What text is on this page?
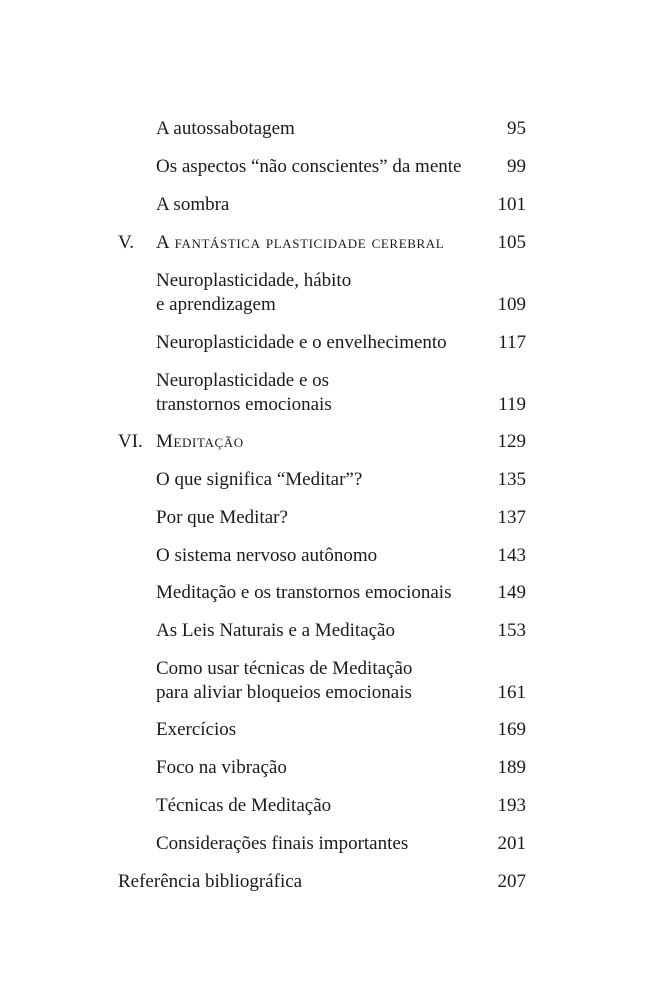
A autossabotagem	95
Os aspectos “não conscientes” da mente	99
A sombra	101
V. A fantástica plasticidade cerebral	105
Neuroplasticidade, hábito
e aprendizagem	109
Neuroplasticidade e o envelhecimento	117
Neuroplasticidade e os
transtornos emocionais	119
VI. Meditação	129
O que significa “Meditar”?	135
Por que Meditar?	137
O sistema nervoso autônomo	143
Meditação e os transtornos emocionais	149
As Leis Naturais e a Meditação	153
Como usar técnicas de Meditação
para aliviar bloqueios emocionais	161
Exercícios	169
Foco na vibração	189
Técnicas de Meditação	193
Considerações finais importantes	201
Referência bibliográfica	207
